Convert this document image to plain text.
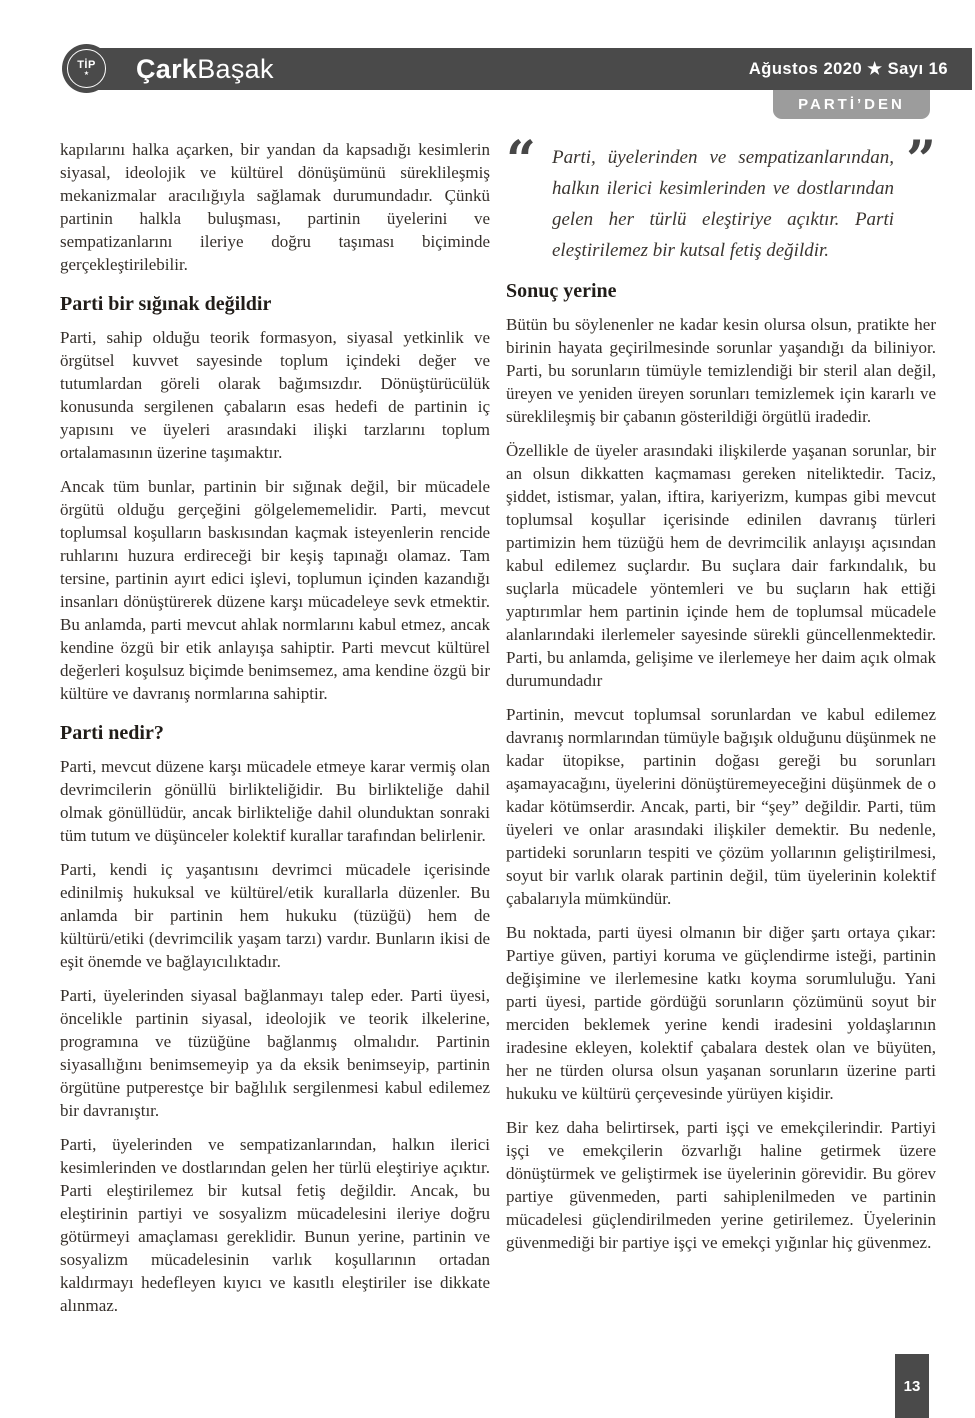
ÇarkBaşak	Ağustos 2020 ★ Sayı 16
TİP
★
PARTİ’DEN

kapılarını halka açarken, bir yandan da kapsadığı kesimlerin siyasal, ideolojik ve kültürel dönüşümünü süreklileşmiş mekanizmalar aracılığıyla sağlamak durumundadır. Çünkü partinin halkla buluşması, partinin üyelerini ve sempatizanlarını ileriye doğru taşıması biçiminde gerçekleştirilebilir.

Parti bir sığınak değildir

Parti, sahip olduğu teorik formasyon, siyasal yetkinlik ve örgütsel kuvvet sayesinde toplum içindeki değer ve tutumlardan göreli olarak bağımsızdır. Dönüştürücülük konusunda sergilenen çabaların esas hedefi de partinin iç yapısını ve üyeleri arasındaki ilişki tarzlarını toplum ortalamasının üzerine taşımaktır.

Ancak tüm bunlar, partinin bir sığınak değil, bir mücadele örgütü olduğu gerçeğini gölgelememelidir. Parti, mevcut toplumsal koşulların baskısından kaçmak isteyenlerin rencide ruhlarını huzura erdireceği bir keşiş tapınağı olamaz. Tam tersine, partinin ayırt edici işlevi, toplumun içinden kazandığı insanları dönüştürerek düzene karşı mücadeleye sevk etmektir. Bu anlamda, parti mevcut ahlak normlarını kabul etmez, ancak kendine özgü bir etik anlayışa sahiptir. Parti mevcut kültürel değerleri koşulsuz biçimde benimsemez, ama kendine özgü bir kültüre ve davranış normlarına sahiptir.

Parti nedir?

Parti, mevcut düzene karşı mücadele etmeye karar vermiş olan devrimcilerin gönüllü birlikteliğidir. Bu birlikteliğe dahil olmak gönüllüdür, ancak birlikteliğe dahil olunduktan sonraki tüm tutum ve düşünceler kolektif kurallar tarafından belirlenir.

Parti, kendi iç yaşantısını devrimci mücadele içerisinde edinilmiş hukuksal ve kültürel/etik kurallarla düzenler. Bu anlamda bir partinin hem hukuku (tüzüğü) hem de kültürü/etiki (devrimcilik yaşam tarzı) vardır. Bunların ikisi de eşit önemde ve bağlayıcılıktadır.

Parti, üyelerinden siyasal bağlanmayı talep eder. Parti üyesi, öncelikle partinin siyasal, ideolojik ve teorik ilkelerine, programına ve tüzüğüne bağlanmış olmalıdır. Partinin siyasallığını benimsemeyip ya da eksik benimseyip, partinin örgütüne putperestçe bir bağlılık sergilenmesi kabul edilemez bir davranıştır.

Parti, üyelerinden ve sempatizanlarından, halkın ilerici kesimlerinden ve dostlarından gelen her türlü eleştiriye açıktır. Parti eleştirilemez bir kutsal fetiş değildir. Ancak, bu eleştirinin partiyi ve sosyalizm mücadelesini ileriye doğru götürmeyi amaçlaması gereklidir. Bunun yerine, partinin ve sosyalizm mücadelesinin varlık koşullarının ortadan kaldırmayı hedefleyen kıyıcı ve kasıtlı eleştiriler ise dikkate alınmaz.

“ Parti, üyelerinden ve sempatizanlarından, halkın ilerici kesimlerinden ve dostlarından gelen her türlü eleştiriye açıktır. Parti eleştirilemez bir kutsal fetiş değildir.
”
Sonuç yerine

Bütün bu söylenenler ne kadar kesin olursa olsun, pratikte her birinin hayata geçirilmesinde sorunlar yaşandığı da biliniyor. Parti, bu sorunların tümüyle temizlendiği bir steril alan değil, üreyen ve yeniden üreyen sorunları temizlemek için kararlı ve süreklileşmiş bir çabanın gösterildiği örgütlü iradedir.

Özellikle de üyeler arasındaki ilişkilerde yaşanan sorunlar, bir an olsun dikkatten kaçmaması gereken niteliktedir. Taciz, şiddet, istismar, yalan, iftira, kariyerizm, kumpas gibi mevcut toplumsal koşullar içerisinde edinilen davranış türleri partimizin hem tüzüğü hem de devrimcilik anlayışı açısından kabul edilemez suçlardır. Bu suçlara dair farkındalık, bu suçlarla mücadele yöntemleri ve bu suçların hak ettiği yaptırımlar hem partinin içinde hem de toplumsal mücadele alanlarındaki ilerlemeler sayesinde sürekli güncellenmektedir. Parti, bu anlamda, gelişime ve ilerlemeye her daim açık olmak durumundadır

Partinin, mevcut toplumsal sorunlardan ve kabul edilemez davranış normlarından tümüyle bağışık olduğunu düşünmek ne kadar ütopikse, partinin doğası gereği bu sorunları aşamayacağını, üyelerini dönüştüremeyeceğini düşünmek de o kadar kötümserdir. Ancak, parti, bir “şey” değildir. Parti, tüm üyeleri ve onlar arasındaki ilişkiler demektir. Bu nedenle, partideki sorunların tespiti ve çözüm yollarının geliştirilmesi, soyut bir varlık olarak partinin değil, tüm üyelerinin kolektif çabalarıyla mümkündür.

Bu noktada, parti üyesi olmanın bir diğer şartı ortaya çıkar: Partiye güven, partiyi koruma ve güçlendirme isteği, partinin değişimine ve ilerlemesine katkı koyma sorumluluğu. Yani parti üyesi, partide gördüğü sorunların çözümünü soyut bir merciden beklemek yerine kendi iradesini yoldaşlarının iradesine ekleyen, kolektif çabalara destek olan ve büyüten, her ne türden olursa olsun yaşanan sorunların üzerine parti hukuku ve kültürü çerçevesinde yürüyen kişidir.

Bir kez daha belirtirsek, parti işçi ve emekçilerindir. Partiyi işçi ve emekçilerin özvarlığı haline getirmek üzere dönüştürmek ve geliştirmek ise üyelerinin görevidir. Bu görev partiye güvenmeden, parti sahiplenilmeden ve partinin mücadelesi güçlendirilmeden yerine getirilemez. Üyelerinin güvenmediği bir partiye işçi ve emekçi yığınlar hiç güvenmez.

13
